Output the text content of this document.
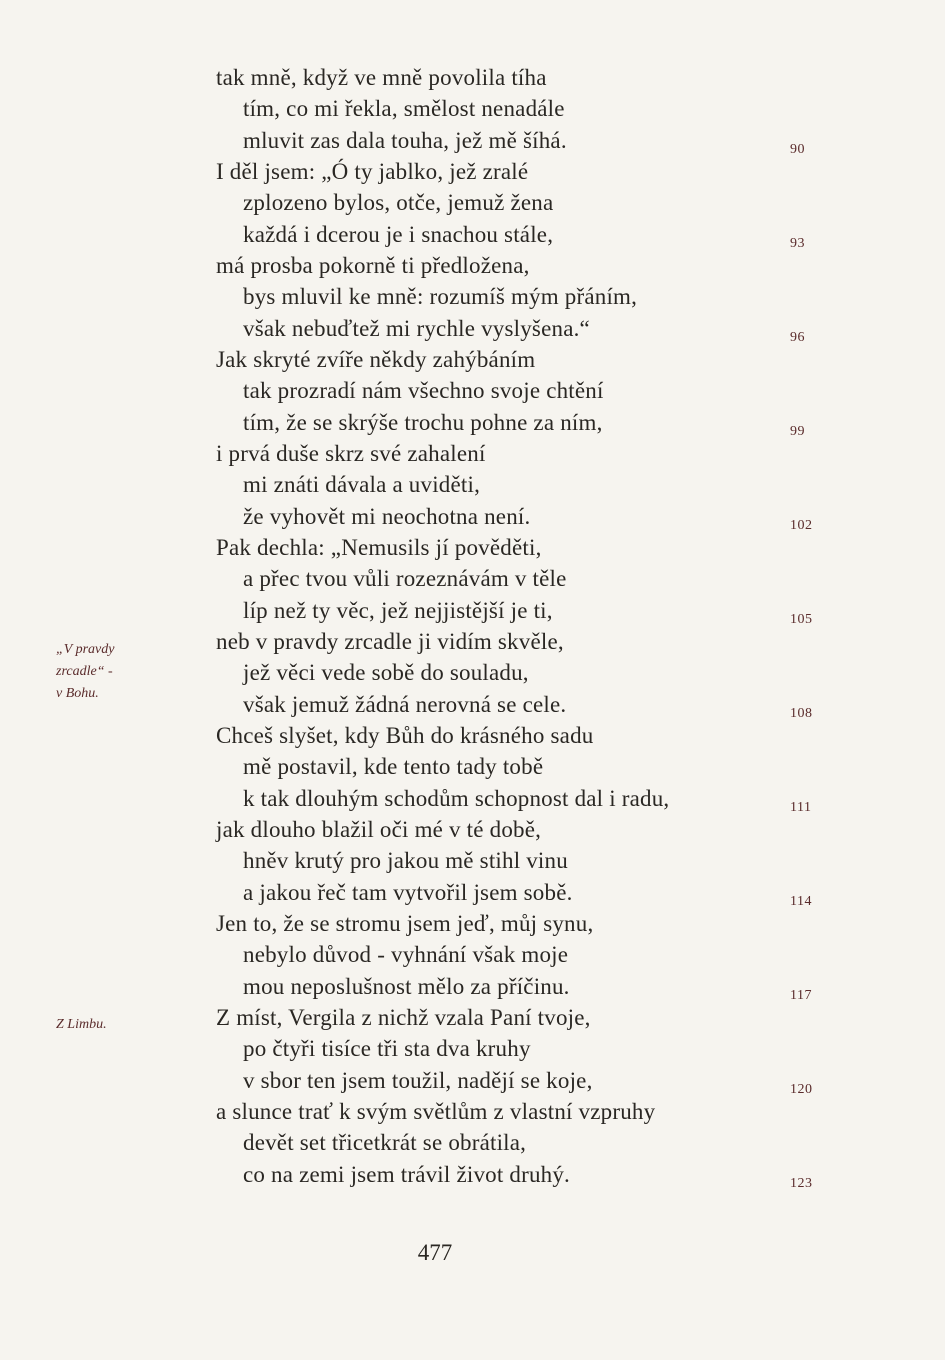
tak mně, když ve mně povolila tíha
tím, co mi řekla, smělost nenadále
mluvit zas dala touha, jež mě šíhá.
I děl jsem: „Ó ty jablko, jež zralé
zplozeno bylos, otče, jemuž žena
každá i dcerou je i snachou stále,
má prosba pokorně ti předložena,
bys mluvil ke mně: rozumíš mým přáním,
však nebuďtež mi rychle vyslyšena.“
Jak skryté zvíře někdy zahýbáním
tak prozradí nám všechno svoje chtění
tím, že se skrýše trochu pohne za ním,
i prvá duše skrz své zahalení
mi znáti dávala a uviděti,
že vyhovět mi neochotna není.
Pak dechla: „Nemusils jí pověděti,
a přec tvou vůli rozeznávám v těle
líp než ty věc, jež nejjistější je ti,
neb v pravdy zrcadle ji vidím skvěle,
jež věci vede sobě do souladu,
však jemuž žádná nerovná se cele.
Chceš slyšet, kdy Bůh do krásného sadu
mě postavil, kde tento tady tobě
k tak dlouhým schodům schopnost dal i radu,
jak dlouho blažil oči mé v té době,
hněv krutý pro jakou mě stihl vinu
a jakou řeč tam vytvořil jsem sobě.
Jen to, že se stromu jsem jeď, můj synu,
nebylo důvod - vyhnání však moje
mou neposlušnost mělo za příčinu.
Z míst, Vergila z nichž vzala Paní tvoje,
po čtyři tisíce tři sta dva kruhy
v sbor ten jsem toužil, nadějí se koje,
a slunce trať k svým světlům z vlastní vzpruhy
devět set třicetkrát se obrátila,
co na zemi jsem trávil život druhý.
90
93
96
99
102
105
108
111
114
117
120
123
„V pravdy
zrcadle“ -
v Bohu.
Z Limbu.
477
